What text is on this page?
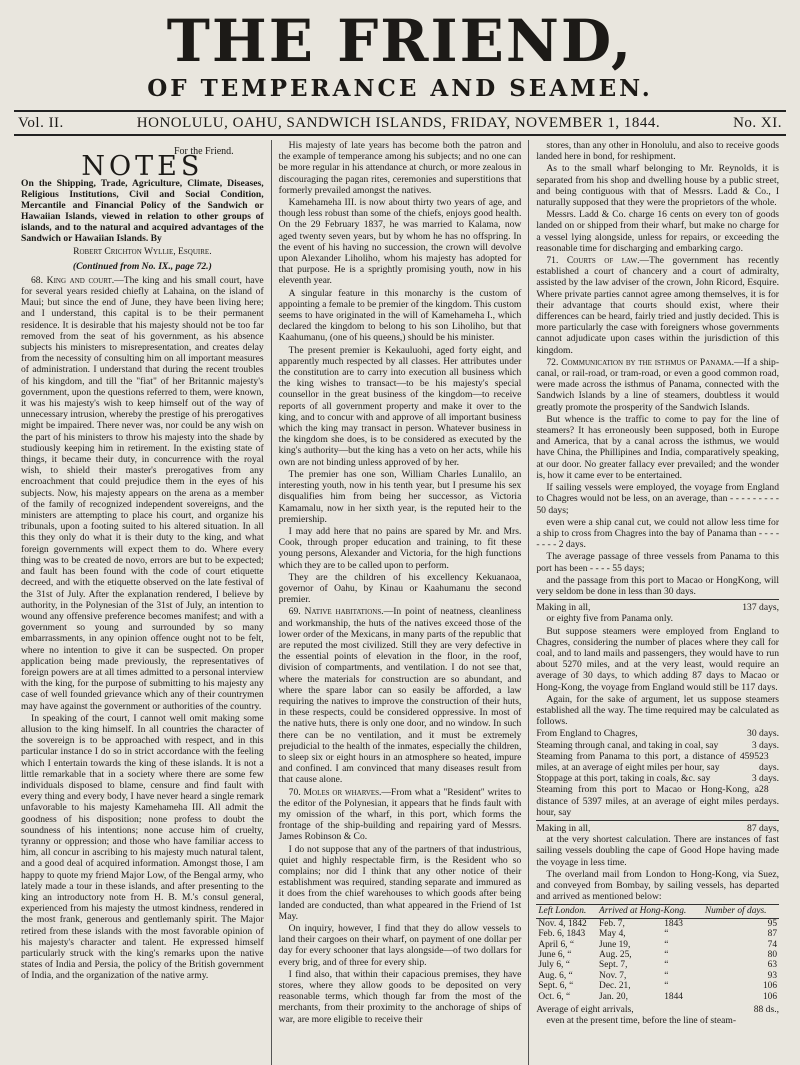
THE FRIEND,
OF TEMPERANCE AND SEAMEN.
Vol. II.	HONOLULU, OAHU, SANDWICH ISLANDS, FRIDAY, NOVEMBER 1, 1844.	No. XI.
For the Friend.
NOTES
On the Shipping, Trade, Agriculture, Climate, Diseases, Religious Institutions, Civil and Social Condition, Mercantile and Financial Policy of the Sandwich or Hawaiian Islands, viewed in relation to other groups of islands, and to the natural and acquired advantages of the Sandwich or Hawaiian Islands. By
Robert Crichton Wyllie, Esquire.
(Continued from No. IX., page 72.)

68. King and court.—The king and his small court, have for several years resided chiefly at Lahaina, on the island of Maui; but since the end of June, they have been living here; and I understand, this capital is to be their permanent residence. It is desirable that his majesty should not be too far removed from the seat of his government, as his absence subjects his ministers to misrepresentation, and creates delay from the necessity of consulting him on all important measures of administration. I understand that during the recent troubles of his kingdom, and till the "fiat" of her Britannic majesty's government, upon the questions referred to them, were known, it was his majesty's wish to keep himself out of the way of unnecessary intrusion, whereby the prestige of his prerogatives might be impaired. There never was, nor could be any wish on the part of his ministers to throw his majesty into the shade by studiously keeping him in retirement. In the existing state of things, it became their duty, in concurrence with the royal wish, to shield their master's prerogatives from any encroachment that could prejudice them in the eyes of his subjects. Now, his majesty appears on the arena as a member of the family of recognized independent sovereigns, and the ministers are attempting to place his court, and organize his tribunals, upon a footing suited to his altered situation. In all this they only do what it is their duty to the king, and what foreign governments will expect them to do. Where every thing was to be created de novo, errors are but to be expected; and fault has been found with the code of court etiquette decreed, and with the etiquette observed on the late festival of the 31st of July. After the explanation rendered, I believe by authority, in the Polynesian of the 31st of July, an intention to wound any offensive preference becomes manifest; and with a government so young and surrounded by so many embarrassments, in any opinion offence ought not to be felt, where no intention to give it can be suspected. On proper application being made previously, the representatives of foreign powers are at all times admitted to a personal interview with the king, for the purpose of submitting to his majesty any case of well founded grievance which any of their countrymen may have against the government or authorities of the country.

In speaking of the court, I cannot well omit making some allusion to the king himself. In all countries the character of the sovereign is to be approached with respect, and in this particular instance I do so in strict accordance with the feeling which I entertain towards the king of these islands. It is not a little remarkable that in a society where there are some few individuals disposed to blame, censure and find fault with every thing and every body, I have never heard a single remark unfavorable to his majesty Kamehameha III. All admit the goodness of his disposition; none profess to doubt the soundness of his intentions; none accuse him of cruelty, tyranny or oppression; and those who have familiar access to him, all concur in ascribing to his majesty much natural talent, and a good deal of acquired information. Amongst those, I am happy to quote my friend Major Low, of the Bengal army, who lately made a tour in these islands, and after presenting to the king an introductory note from H. B. M.'s consul general, experienced from his majesty the utmost kindness, rendered in the most frank, generous and gentlemanly spirit. The Major retired from these islands with the most favorable opinion of his majesty's character and talent. He expressed himself particularly struck with the king's remarks upon the native states of India and Persia, the policy of the British government of India, and the organization of the native army.

His majesty of late years has become both the patron and the example of temperance among his subjects; and no one can be more regular in his attendance at church, or more zealous in discouraging the pagan rites, ceremonies and superstitions that formerly prevailed amongst the natives.

Kamehameha III. is now about thirty two years of age, and though less robust than some of the chiefs, enjoys good health. On the 29 February 1837, he was married to Kalama, now aged twenty seven years, but by whom he has no offspring. In the event of his having no succession, the crown will devolve upon Alexander Liholiho, whom his majesty has adopted for that purpose. He is a sprightly promising youth, now in his eleventh year.

A singular feature in this monarchy is the custom of appointing a female to be premier of the kingdom. This custom seems to have originated in the will of Kamehameha I., which declared the kingdom to belong to his son Liholiho, but that Kaahumanu, (one of his queens,) should be his minister.

The present premier is Kekauluohi, aged forty eight, and apparently much respected by all classes. Her attributes under the constitution are to carry into execution all business which the king wishes to transact—to be his majesty's special counsellor in the great business of the kingdom—to receive reports of all government property and make it over to the king, and to concur with and approve of all important business which the king may transact in person. Whatever business in the kingdom she does, is to be considered as executed by the king's authority—but the king has a veto on her acts, while his own are not binding unless approved of by her.

The premier has one son, William Charles Lunalilo, an interesting youth, now in his tenth year, but I presume his sex disqualifies him from being her successor, as Victoria Kamamalu, now in her sixth year, is the reputed heir to the premiership.

I may add here that no pains are spared by Mr. and Mrs. Cook, through proper education and training, to fit these young persons, Alexander and Victoria, for the high functions which they are to be called upon to perform.

They are the children of his excellency Kekuanaoa, governor of Oahu, by Kinau or Kaahumanu the second premier.

69. Native habitations.—In point of neatness, cleanliness and workmanship, the huts of the natives exceed those of the lower order of the Mexicans, in many parts of the republic that are reputed the most civilized. Still they are very defective in the essential points of elevation in the floor, in the roof, division of compartments, and ventilation. I do not see that, where the materials for construction are so abundant, and where the spare labor can so easily be afforded, a law requiring the natives to improve the construction of their huts, in these respects, could be considered oppressive. In most of the native huts, there is only one door, and no window. In such there can be no ventilation, and it must be extremely prejudicial to the health of the inmates, especially the children, to sleep six or eight hours in an atmosphere so heated, impure and confined. I am convinced that many diseases result from that cause alone.

70. Moles or wharves.—From what a "Resident" writes to the editor of the Polynesian, it appears that he finds fault with my omission of the wharf, in this port, which forms the frontage of the ship-building and repairing yard of Messrs. James Robinson & Co.

I do not suppose that any of the partners of that industrious, quiet and highly respectable firm, is the Resident who so complains; nor did I think that any other notice of their establishment was required, standing separate and immured as it does from the chief warehouses to which goods after being landed are conducted, than what appeared in the Friend of 1st May.

On inquiry, however, I find that they do allow vessels to land their cargoes on their wharf, on payment of one dollar per day for every schooner that lays alongside—of two dollars for every brig, and of three for every ship.

I find also, that within their capacious premises, they have stores, where they allow goods to be deposited on very reasonable terms, which though far from the most of the merchants, from their proximity to the anchorage of ships of war, are more eligible to receive their

stores, than any other in Honolulu, and also to receive goods landed here in bond, for reshipment.

As to the small wharf belonging to Mr. Reynolds, it is separated from his shop and dwelling house by a public street, and being contiguous with that of Messrs. Ladd & Co., I naturally supposed that they were the proprietors of the whole.

Messrs. Ladd & Co. charge 16 cents on every ton of goods landed on or shipped from their wharf, but make no charge for a vessel lying alongside, unless for repairs, or exceeding the reasonable time for discharging and embarking cargo.

71. Courts of law.—The government has recently established a court of chancery and a court of admiralty, assisted by the law adviser of the crown, John Ricord, Esquire. Where private parties cannot agree among themselves, it is for their advantage that courts should exist, where their differences can be heard, fairly tried and justly decided. This is more particularly the case with foreigners whose governments cannot adjudicate upon cases within the jurisdiction of this kingdom.

72. Communication by the isthmus of Panama.—If a ship-canal, or rail-road, or tram-road, or even a good common road, were made across the isthmus of Panama, connected with the Sandwich Islands by a line of steamers, doubtless it would greatly promote the prosperity of the Sandwich Islands.

But whence is the traffic to come to pay for the line of steamers? It has erroneously been supposed, both in Europe and America, that by a canal across the isthmus, we would have China, the Phillipines and India, comparatively speaking, at our door. No greater fallacy ever prevailed; and the wonder is, how it came ever to be entertained.

If sailing vessels were employed, the voyage from England to Chagres would not be less, on an average, than ‐ ‐ ‐ ‐ ‐ ‐ ‐ ‐ ‐ 50 days;

even were a ship canal cut, we could not allow less time for a ship to cross from Chagres into the bay of Panama than ‐ ‐ ‐ ‐ ‐ ‐ ‐ ‐ 2 days.

The average passage of three vessels from Panama to this port has been ‐ ‐ ‐ ‐ 55 days;

and the passage from this port to Macao or HongKong, will very seldom be done in less than 30 days.

Making in all,	137 days,

or eighty five from Panama only.

But suppose steamers were employed from England to Chagres, considering the number of places where they call for coal, and to land mails and passengers, they would have to run about 5270 miles, and at the very least, would require an average of 30 days, to which adding 87 days to Macao or Hong-Kong, the voyage from England would still be 117 days.

Again, for the sake of argument, let us suppose steamers established all the way. The time required may be calculated as follows.

From England to Chagres,	30 days.
Steaming through canal, and taking in coal, say	3 days.
Steaming from Panama to this port, a distance of 4595 miles, at an average of eight miles per hour, say
23 days.
Stoppage at this port, taking in coals, &c. say	3 days.
Steaming from this port to Macao or Hong-Kong, a distance of 5397 miles, at an average of eight miles per hour, say
28 days.
Making in all,	87 days,

at the very shortest calculation. There are instances of fast sailing vessels doubling the cape of Good Hope having made the voyage in less time.

The overland mail from London to Hong-Kong, via Suez, and conveyed from Bombay, by sailing vessels, has departed and arrived as mentioned below:

Left London.	Arrived at Hong-Kong.		Number of days.
Nov. 4, 1842	Feb. 7,	1843	95
Feb. 6, 1843	May 4,	“	87
April 6, “	June 19,	“	74
June 6, “	Aug. 25,	“	80
July 6, “	Sept. 7,	“	63
Aug. 6, “	Nov. 7,	“	93
Sept. 6, “	Dec. 21,	“	106
Oct. 6, “	Jan. 20,	1844	106
Average of eight arrivals,	88 ds.,

even at the present time, before the line of steam-
